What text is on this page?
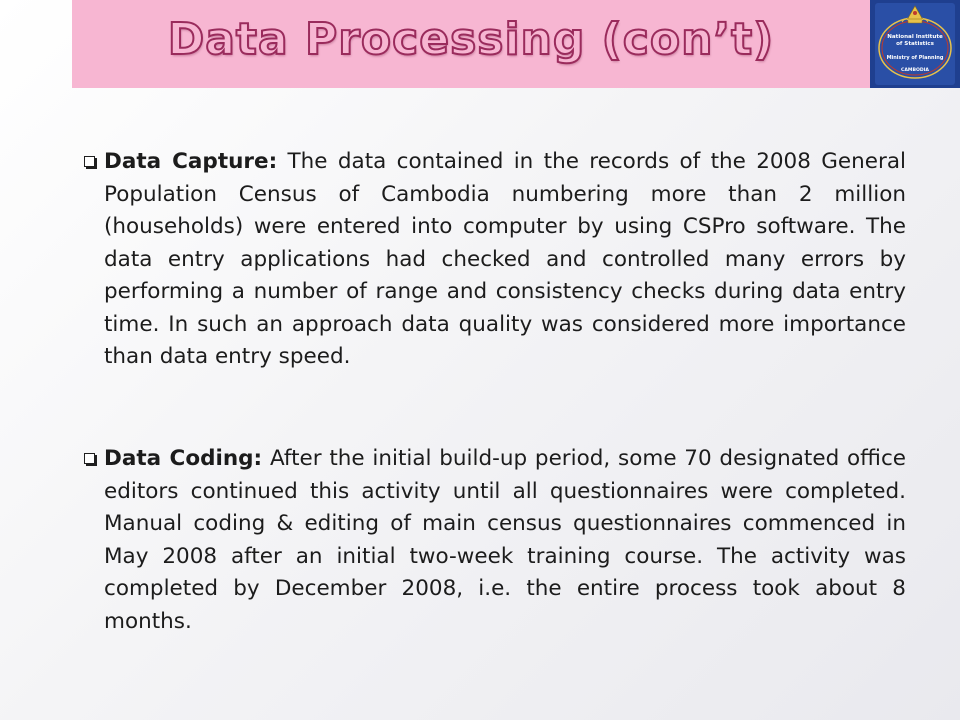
Data Processing (con’t)	National Institute
of Statistics
Ministry of Planning
CAMBODIA
Data Capture: The data contained in the records of the 2008 General Population Census of Cambodia numbering more than 2 million (households) were entered into computer by using CSPro software. The data entry applications had checked and controlled many errors by performing a number of range and consistency checks during data entry time. In such an approach data quality was considered more importance than data entry speed.
Data Coding: After the initial build-up period, some 70 designated office editors continued this activity until all questionnaires were completed. Manual coding & editing of main census questionnaires commenced in May 2008 after an initial two-week training course. The activity was completed by December 2008, i.e. the entire process took about 8 months.
